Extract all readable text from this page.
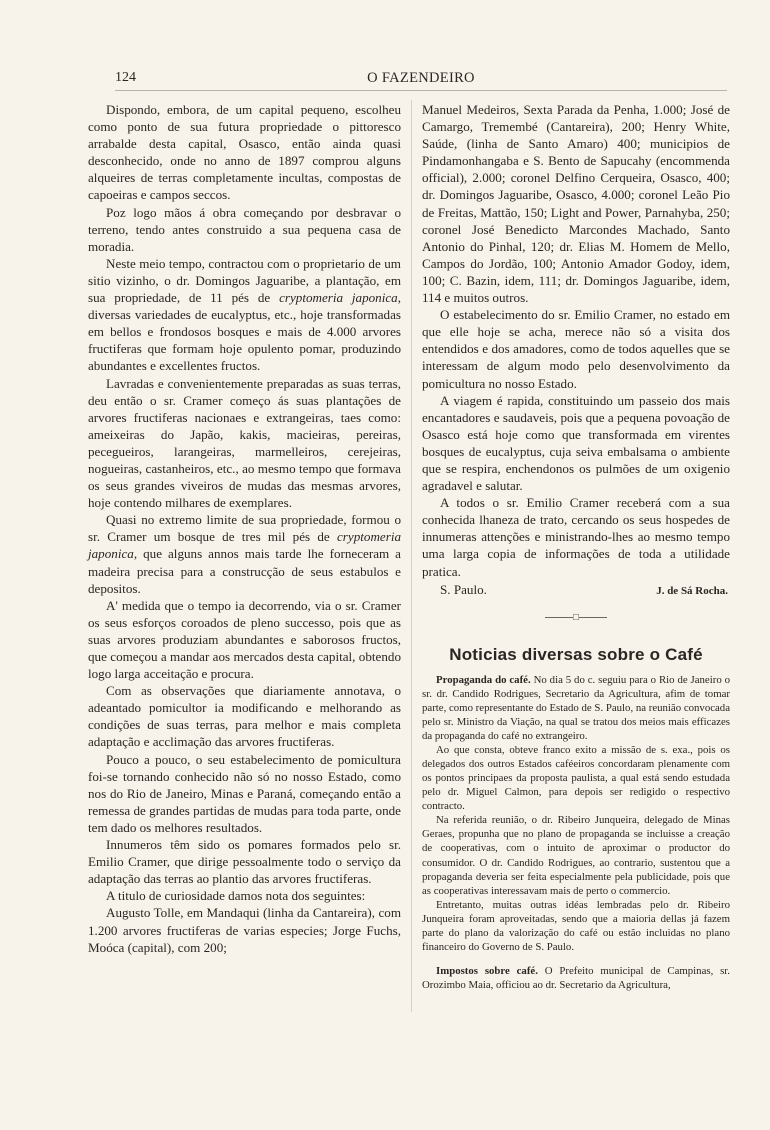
124	O FAZENDEIRO

Dispondo, embora, de um capital pequeno, escolheu como ponto de sua futura propriedade o pittoresco arrabalde desta capital, Osasco, então ainda quasi desconhecido, onde no anno de 1897 comprou alguns alqueires de terras completamente incultas, compostas de capoeiras e campos seccos.

Poz logo mãos á obra começando por desbravar o terreno, tendo antes construido a sua pequena casa de moradia.

Neste meio tempo, contractou com o proprietario de um sitio vizinho, o dr. Domingos Jaguaribe, a plantação, em sua propriedade, de 11 pés de cryptomeria japonica, diversas variedades de eucalyptus, etc., hoje transformadas em bellos e frondosos bosques e mais de 4.000 arvores fructiferas que formam hoje opulento pomar, produzindo abundantes e excellentes fructos.

Lavradas e convenientemente preparadas as suas terras, deu então o sr. Cramer começo ás suas plantações de arvores fructiferas nacionaes e extrangeiras, taes como: ameixeiras do Japão, kakis, macieiras, pereiras, pecegueiros, larangeiras, marmelleiros, cerejeiras, nogueiras, castanheiros, etc., ao mesmo tempo que formava os seus grandes viveiros de mudas das mesmas arvores, hoje contendo milhares de exemplares.

Quasi no extremo limite de sua propriedade, formou o sr. Cramer um bosque de tres mil pés de cryptomeria japonica, que alguns annos mais tarde lhe forneceram a madeira precisa para a construcção de seus estabulos e depositos.

A' medida que o tempo ia decorrendo, via o sr. Cramer os seus esforços coroados de pleno successo, pois que as suas arvores produziam abundantes e saborosos fructos, que começou a mandar aos mercados desta capital, obtendo logo larga acceitação e procura.

Com as observações que diariamente annotava, o adeantado pomicultor ia modificando e melhorando as condições de suas terras, para melhor e mais completa adaptação e acclimação das arvores fructiferas.

Pouco a pouco, o seu estabelecimento de pomicultura foi-se tornando conhecido não só no nosso Estado, como nos do Rio de Janeiro, Minas e Paraná, começando então a remessa de grandes partidas de mudas para toda parte, onde tem dado os melhores resultados.

Innumeros têm sido os pomares formados pelo sr. Emilio Cramer, que dirige pessoalmente todo o serviço da adaptação das terras ao plantio das arvores fructiferas.

A titulo de curiosidade damos nota dos seguintes:

Augusto Tolle, em Mandaqui (linha da Cantareira), com 1.200 arvores fructiferas de varias especies; Jorge Fuchs, Moóca (capital), com 200;

Manuel Medeiros, Sexta Parada da Penha, 1.000; José de Camargo, Tremembé (Cantareira), 200; Henry White, Saúde, (linha de Santo Amaro) 400; municipios de Pindamonhangaba e S. Bento de Sapucahy (encommenda official), 2.000; coronel Delfino Cerqueira, Osasco, 400; dr. Domingos Jaguaribe, Osasco, 4.000; coronel Leão Pio de Freitas, Mattão, 150; Light and Power, Parnahyba, 250; coronel José Benedicto Marcondes Machado, Santo Antonio do Pinhal, 120; dr. Elias M. Homem de Mello, Campos do Jordão, 100; Antonio Amador Godoy, idem, 100; C. Bazin, idem, 111; dr. Domingos Jaguaribe, idem, 114 e muitos outros.

O estabelecimento do sr. Emilio Cramer, no estado em que elle hoje se acha, merece não só a visita dos entendidos e dos amadores, como de todos aquelles que se interessam de algum modo pelo desenvolvimento da pomicultura no nosso Estado.

A viagem é rapida, constituindo um passeio dos mais encantadores e saudaveis, pois que a pequena povoação de Osasco está hoje como que transformada em virentes bosques de eucalyptus, cuja seiva embalsama o ambiente que se respira, enchendonos os pulmões de um oxigenio agradavel e salutar.

A todos o sr. Emilio Cramer receberá com a sua conhecida lhaneza de trato, cercando os seus hospedes de innumeras attenções e ministrando-lhes ao mesmo tempo uma larga copia de informações de toda a utilidade pratica.

S. Paulo.	J. de Sá Rocha.
□
Noticias diversas sobre o Café

Propaganda do café. No dia 5 do c. seguiu para o Rio de Janeiro o sr. dr. Candido Rodrigues, Secretario da Agricultura, afim de tomar parte, como representante do Estado de S. Paulo, na reunião convocada pelo sr. Ministro da Viação, na qual se tratou dos meios mais efficazes da propaganda do café no extrangeiro.

Ao que consta, obteve franco exito a missão de s. exa., pois os delegados dos outros Estados caféeiros concordaram plenamente com os pontos principaes da proposta paulista, a qual está sendo estudada pelo dr. Miguel Calmon, para depois ser redigido o respectivo contracto.

Na referida reunião, o dr. Ribeiro Junqueira, delegado de Minas Geraes, propunha que no plano de propaganda se incluisse a creação de cooperativas, com o intuito de aproximar o productor do consumidor. O dr. Candido Rodrigues, ao contrario, sustentou que a propaganda deveria ser feita especialmente pela publicidade, pois que as cooperativas interessavam mais de perto o commercio.

Entretanto, muitas outras idéas lembradas pelo dr. Ribeiro Junqueira foram aproveitadas, sendo que a maioria dellas já fazem parte do plano da valorização do café ou estão incluidas no plano financeiro do Governo de S. Paulo.

Impostos sobre café. O Prefeito municipal de Campinas, sr. Orozimbo Maia, officiou ao dr. Secretario da Agricultura,
